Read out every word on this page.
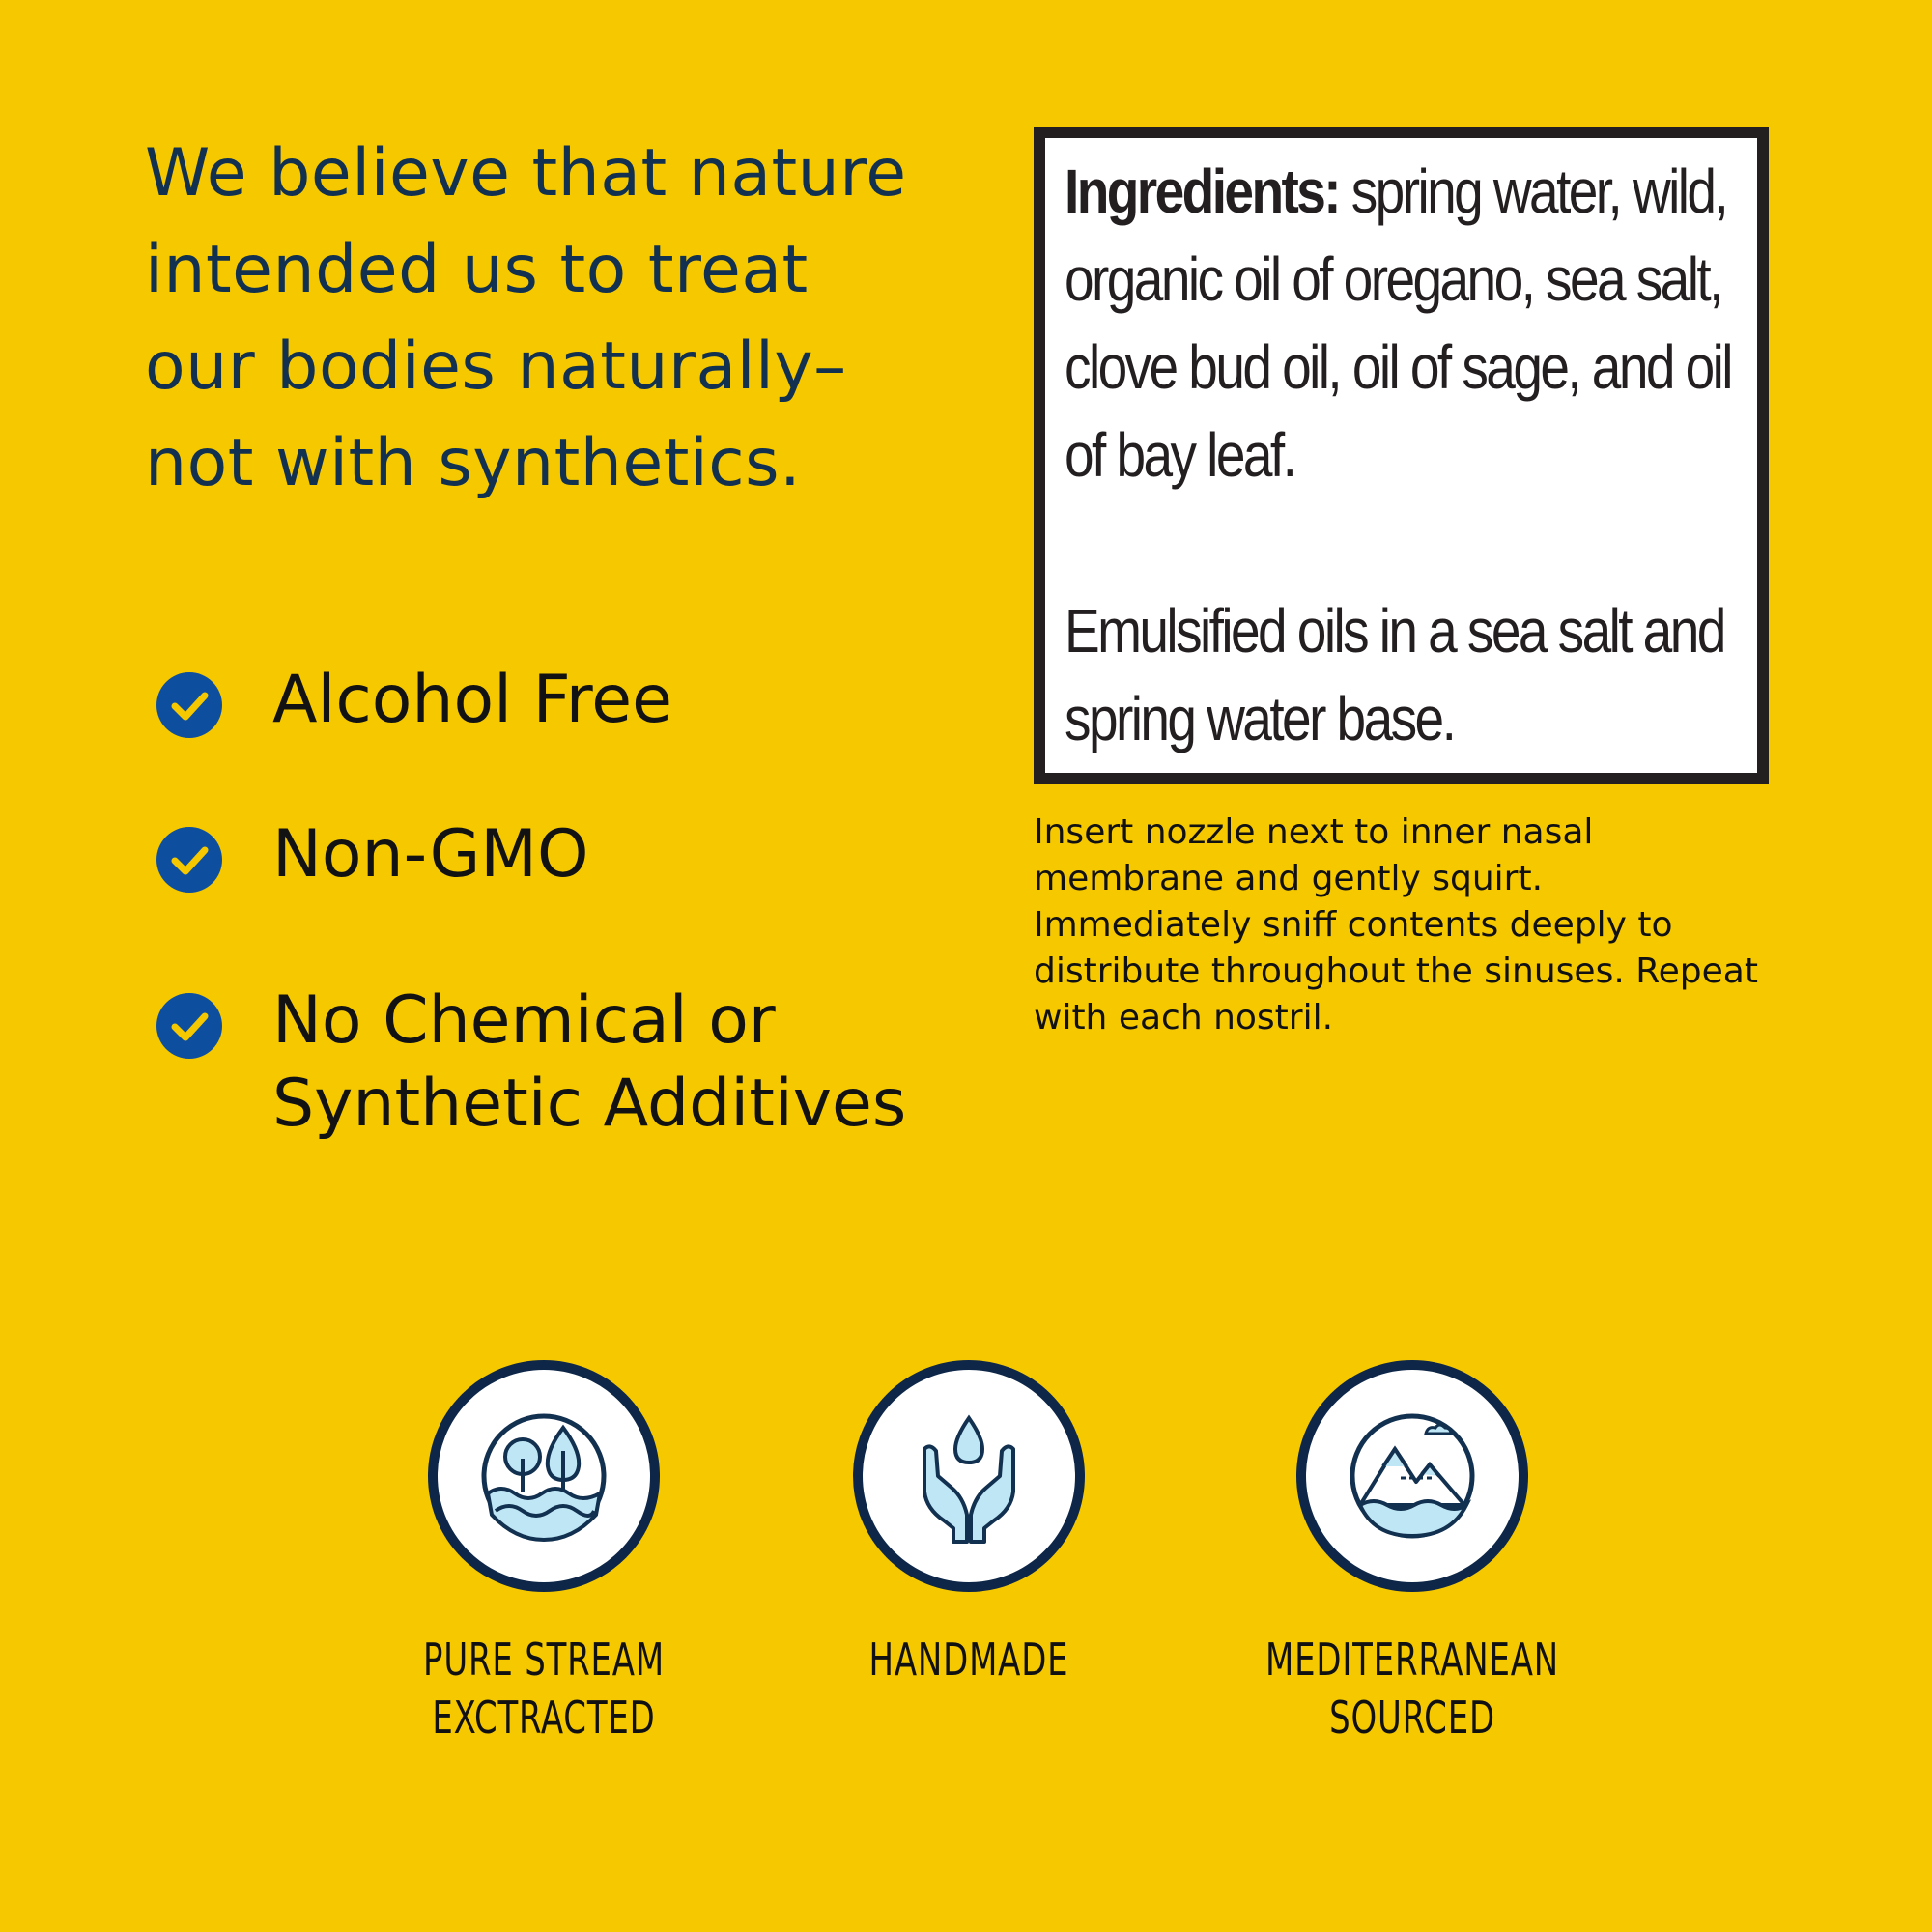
We believe that nature
intended us to treat
our bodies naturally–
not with synthetics.
Alcohol Free
Non-GMO
No Chemical or
Synthetic Additives

Ingredients: spring water, wild, organic oil of oregano, sea salt, clove bud oil, oil of sage, and oil of bay leaf.

Emulsified oils in a sea salt and spring water base.

Insert nozzle next to inner nasal membrane and gently squirt. Immediately sniff contents deeply to distribute throughout the sinuses. Repeat with each nostril.
PURE STREAM
EXCTRACTED
HANDMADE	MEDITERRANEAN
SOURCED
